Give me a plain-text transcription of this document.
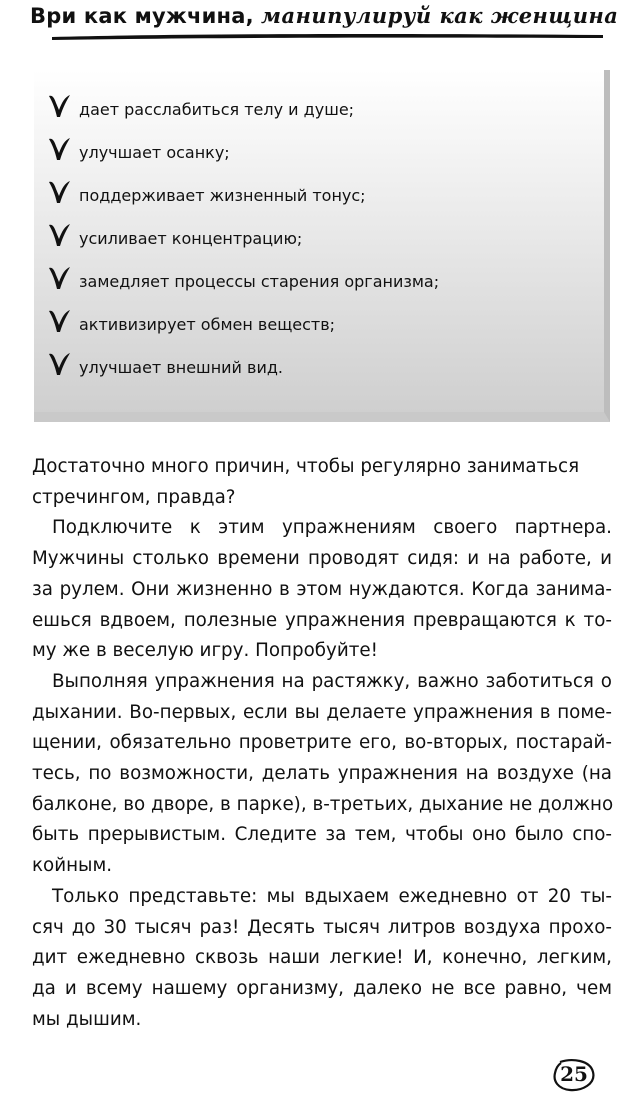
Ври как мужчина, манипулируй как женщина
дает расслабиться телу и душе;
улучшает осанку;
поддерживает жизненный тонус;
усиливает концентрацию;
замедляет процессы старения организма;
активизирует обмен веществ;
улучшает внешний вид.

Достаточно много причин, чтобы регулярно заниматься
стречингом, правда?

Подключите к этим упражнениям своего партнера.
Мужчины столько времени проводят сидя: и на работе, и
за рулем. Они жизненно в этом нуждаются. Когда занима-
ешься вдвоем, полезные упражнения превращаются к то-
му же в веселую игру. Попробуйте!

Выполняя упражнения на растяжку, важно заботиться о
дыхании. Во-первых, если вы делаете упражнения в поме-
щении, обязательно проветрите его, во-вторых, постарай-
тесь, по возможности, делать упражнения на воздухе (на
балконе, во дворе, в парке), в-третьих, дыхание не должно
быть прерывистым. Следите за тем, чтобы оно было спо-
койным.

Только представьте: мы вдыхаем ежедневно от 20 ты-
сяч до 30 тысяч раз! Десять тысяч литров воздуха прохо-
дит ежедневно сквозь наши легкие! И, конечно, легким,
да и всему нашему организму, далеко не все равно, чем
мы дышим.

25
